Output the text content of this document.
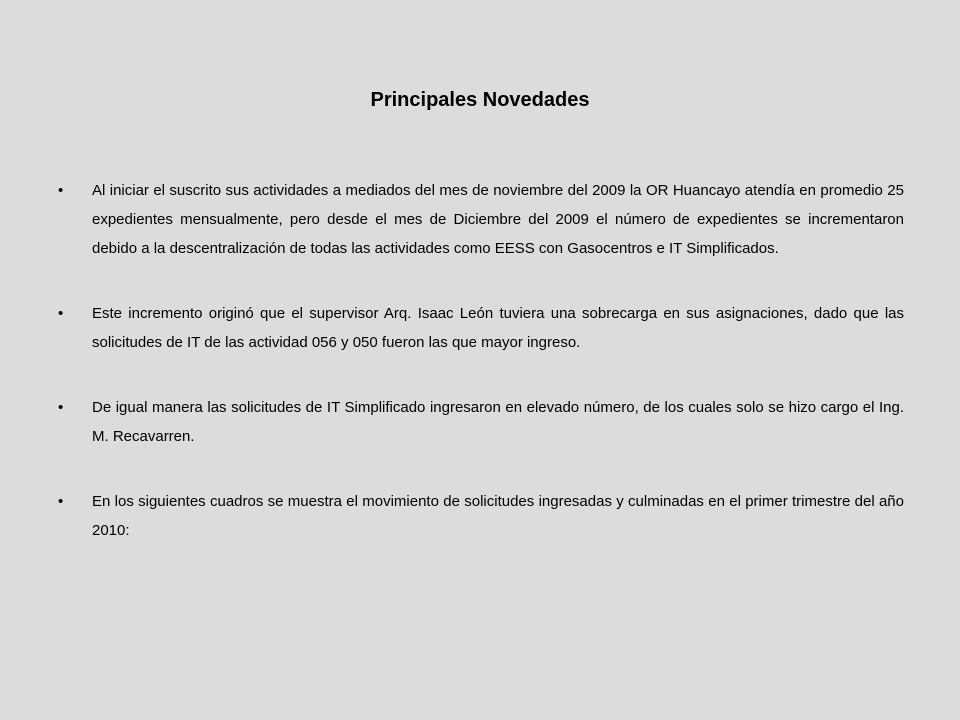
Principales Novedades
•	Al iniciar el suscrito sus actividades a mediados del mes de noviembre del 2009 la OR Huancayo atendía en promedio 25 expedientes mensualmente, pero desde el mes de Diciembre del 2009 el número de expedientes se incrementaron debido a la descentralización de todas las actividades como EESS con Gasocentros e IT Simplificados.
•	Este incremento originó que el supervisor Arq. Isaac León tuviera una sobrecarga en sus asignaciones, dado que las solicitudes de IT de las actividad 056 y 050 fueron las que mayor ingreso.
•	De igual manera las solicitudes de IT Simplificado ingresaron en elevado número, de los cuales solo se hizo cargo el Ing. M. Recavarren.
•	En los siguientes cuadros se muestra el movimiento de solicitudes ingresadas y culminadas en el primer trimestre del año 2010:
